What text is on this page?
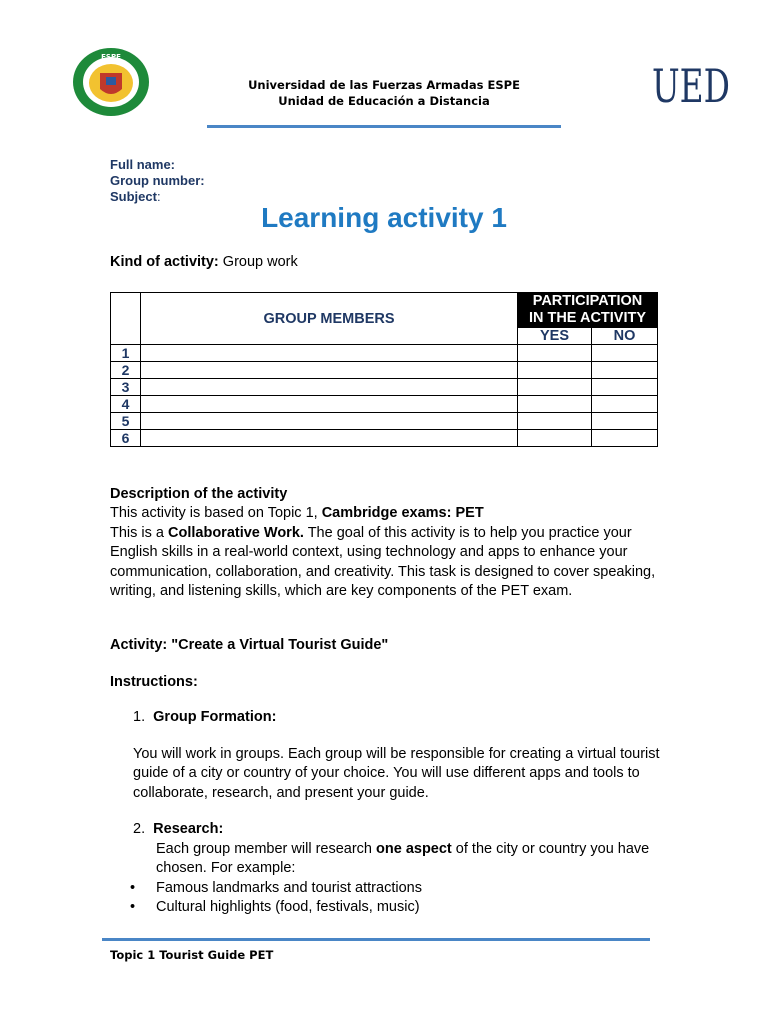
ESPE
Universidad de las Fuerzas Armadas ESPE
Unidad de Educación a Distancia	UED
Full name:
Group number:
Subject:
Learning activity 1
Kind of activity: Group work
	GROUP MEMBERS	PARTICIPATION
IN THE ACTIVITY	

		YES	NO
1			
2			
3			
4			
5			
6			

Description of the activity

This activity is based on Topic 1, Cambridge exams: PET

This is a Collaborative Work. The goal of this activity is to help you practice your English skills in a real-world context, using technology and apps to enhance your communication, collaboration, and creativity. This task is designed to cover speaking, writing, and listening skills, which are key components of the PET exam.

Activity: "Create a Virtual Tourist Guide"
Instructions:
1. Group Formation:
You will work in groups. Each group will be responsible for creating a virtual tourist guide of a city or country of your choice. You will use different apps and tools to collaborate, research, and present your guide.
2. Research:
Each group member will research one aspect of the city or country you have chosen. For example:
• Famous landmarks and tourist attractions
• Cultural highlights (food, festivals, music)
Topic 1 Tourist Guide PET
